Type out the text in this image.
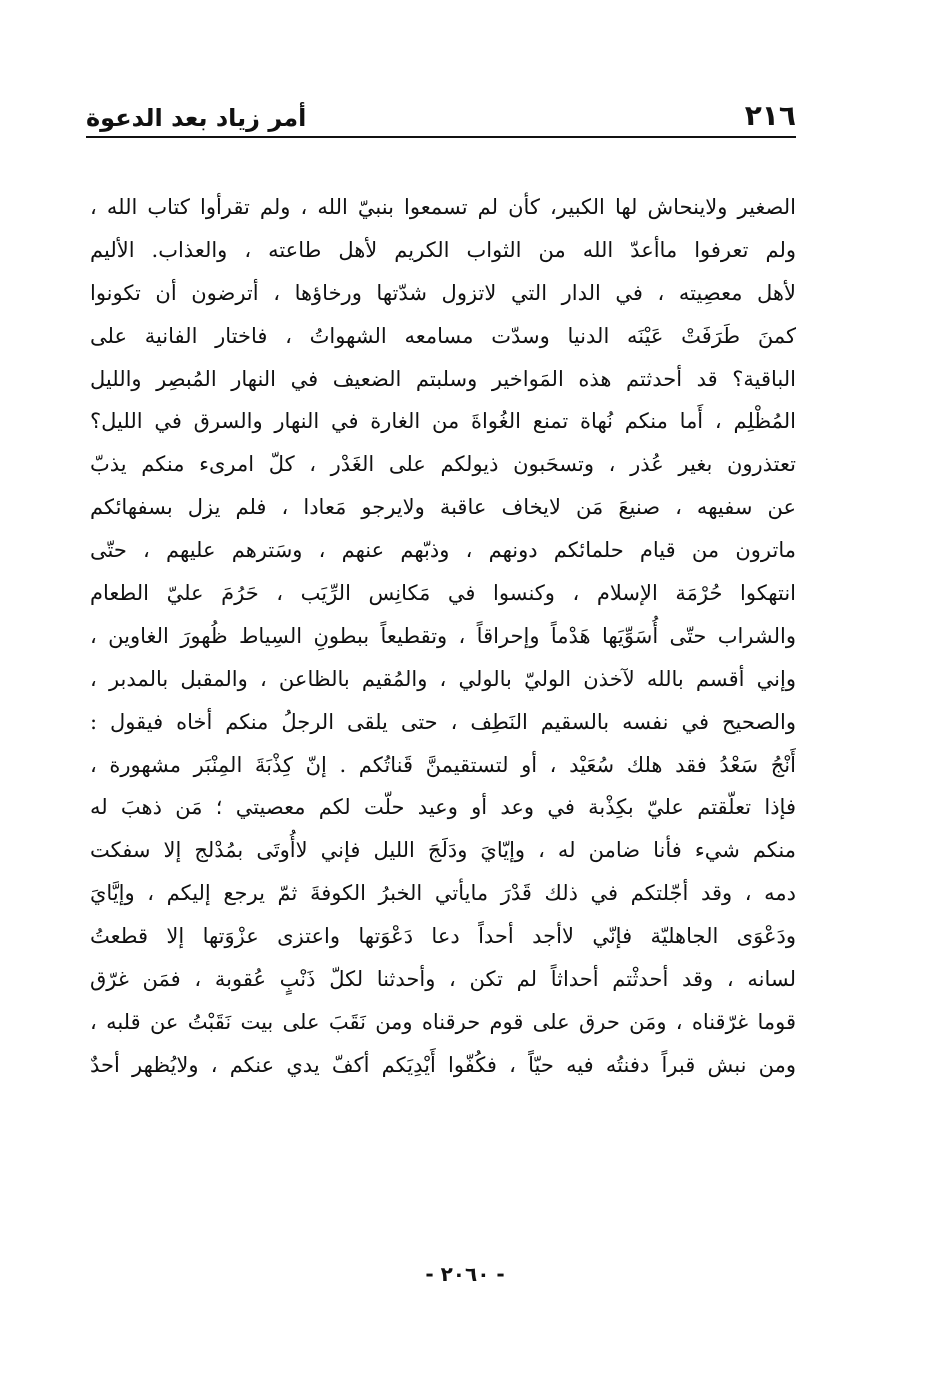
٢١٦
أمر زياد بعد الدعوة
الصغير ولاينحاش لها الكبير، كأن لم تسمعوا بنبيّ الله ، ولم تقرأوا كتاب الله ،
ولم تعرفوا ماأعدّ الله من الثواب الكريم لأهل طاعته ، والعذاب. الأليم
لأهل معصِيته ، في الدار التي لاتزول شدّتها ورخاؤها ، أترضون أن تكونوا
كمنَ طَرَفَتْ عَيْنَه الدنيا وسدّت مسامعه الشهواتُ ، فاختار الفانية على
الباقية؟ قد أحدثتم هذه المَواخير وسلبتم الضعيف في النهار المُبصِر والليل
المُظْلِم ، أَما منكم نُهاة تمنع الغُواةَ من الغارة في النهار والسرق في الليل؟
تعتذرون بغير عُذر ، وتسحَبون ذيولكم على الغَدْر ، كلّ امرىء منكم يذبّ
عن سفيهه ، صنيعَ مَن لايخاف عاقبة ولايرجو مَعادا ، فلم يزل بسفهائكم
ماترون من قيام حلمائكم دونهم ، وذبّهم عنهم ، وسَترهم عليهم ، حتّى
انتهكوا حُرْمَة الإسلام ، وكنسوا في مَكانِس الرِّيَب ، حَرُمَ عليّ الطعام
والشراب حتّى أُسَوِّيَها هَدْماً وإحراقاً ، وتقطيعاً ببطونِ السِياط ظُهورَ الغاوين ،
وإني أقسم بالله لآخذن الوليّ بالولي ، والمُقيم بالظاعن ، والمقبل بالمدبر ،
والصحيح في نفسه بالسقيم النَطِف ، حتى يلقى الرجلُ منكم أخاه فيقول :
أَنْجُ سَعْدُ فقد هلك سُعَيْد ، أو لتستقيمنَّ قَناتُكم . إنّ كِذْبَةَ المِنْبَر مشهورة ،
فإذا تعلّقتم عليّ بكِذْبة في وعد أو وعيد حلّت لكم معصيتي ؛ مَن ذهبَ له
منكم شيء فأنا ضامن له ، وإيّايَ ودَلَجَ الليل فإني لاأُوتَى بمُدْلج إلا سفكت
دمه ، وقد أجّلتكم في ذلك قَدْرَ مايأتي الخبرُ الكوفةَ ثمّ يرجع إليكم ، وإيَّايَ
ودَعْوَى الجاهليّة فإنّي لاأجد أحداً دعا دَعْوَتها واعتزى عزْوَتها إلا قطعتُ
لسانه ، وقد أحدثْتم أحداثاً لم تكن ، وأحدثنا لكلّ ذَنْبٍ عُقوبة ، فمَن غرّق
قوما غرّقناه ، ومَن حرق على قوم حرقناه ومن نَقَبَ على بيت نَقَبْتُ عن قلبه ،
ومن نبش قبراً دفنتُه فيه حيّاً ، فكُفّوا أَيْدِيَكم أكفّ يدي عنكم ، ولايُظهر أحدٌ
- ٢٠٦٠ -
